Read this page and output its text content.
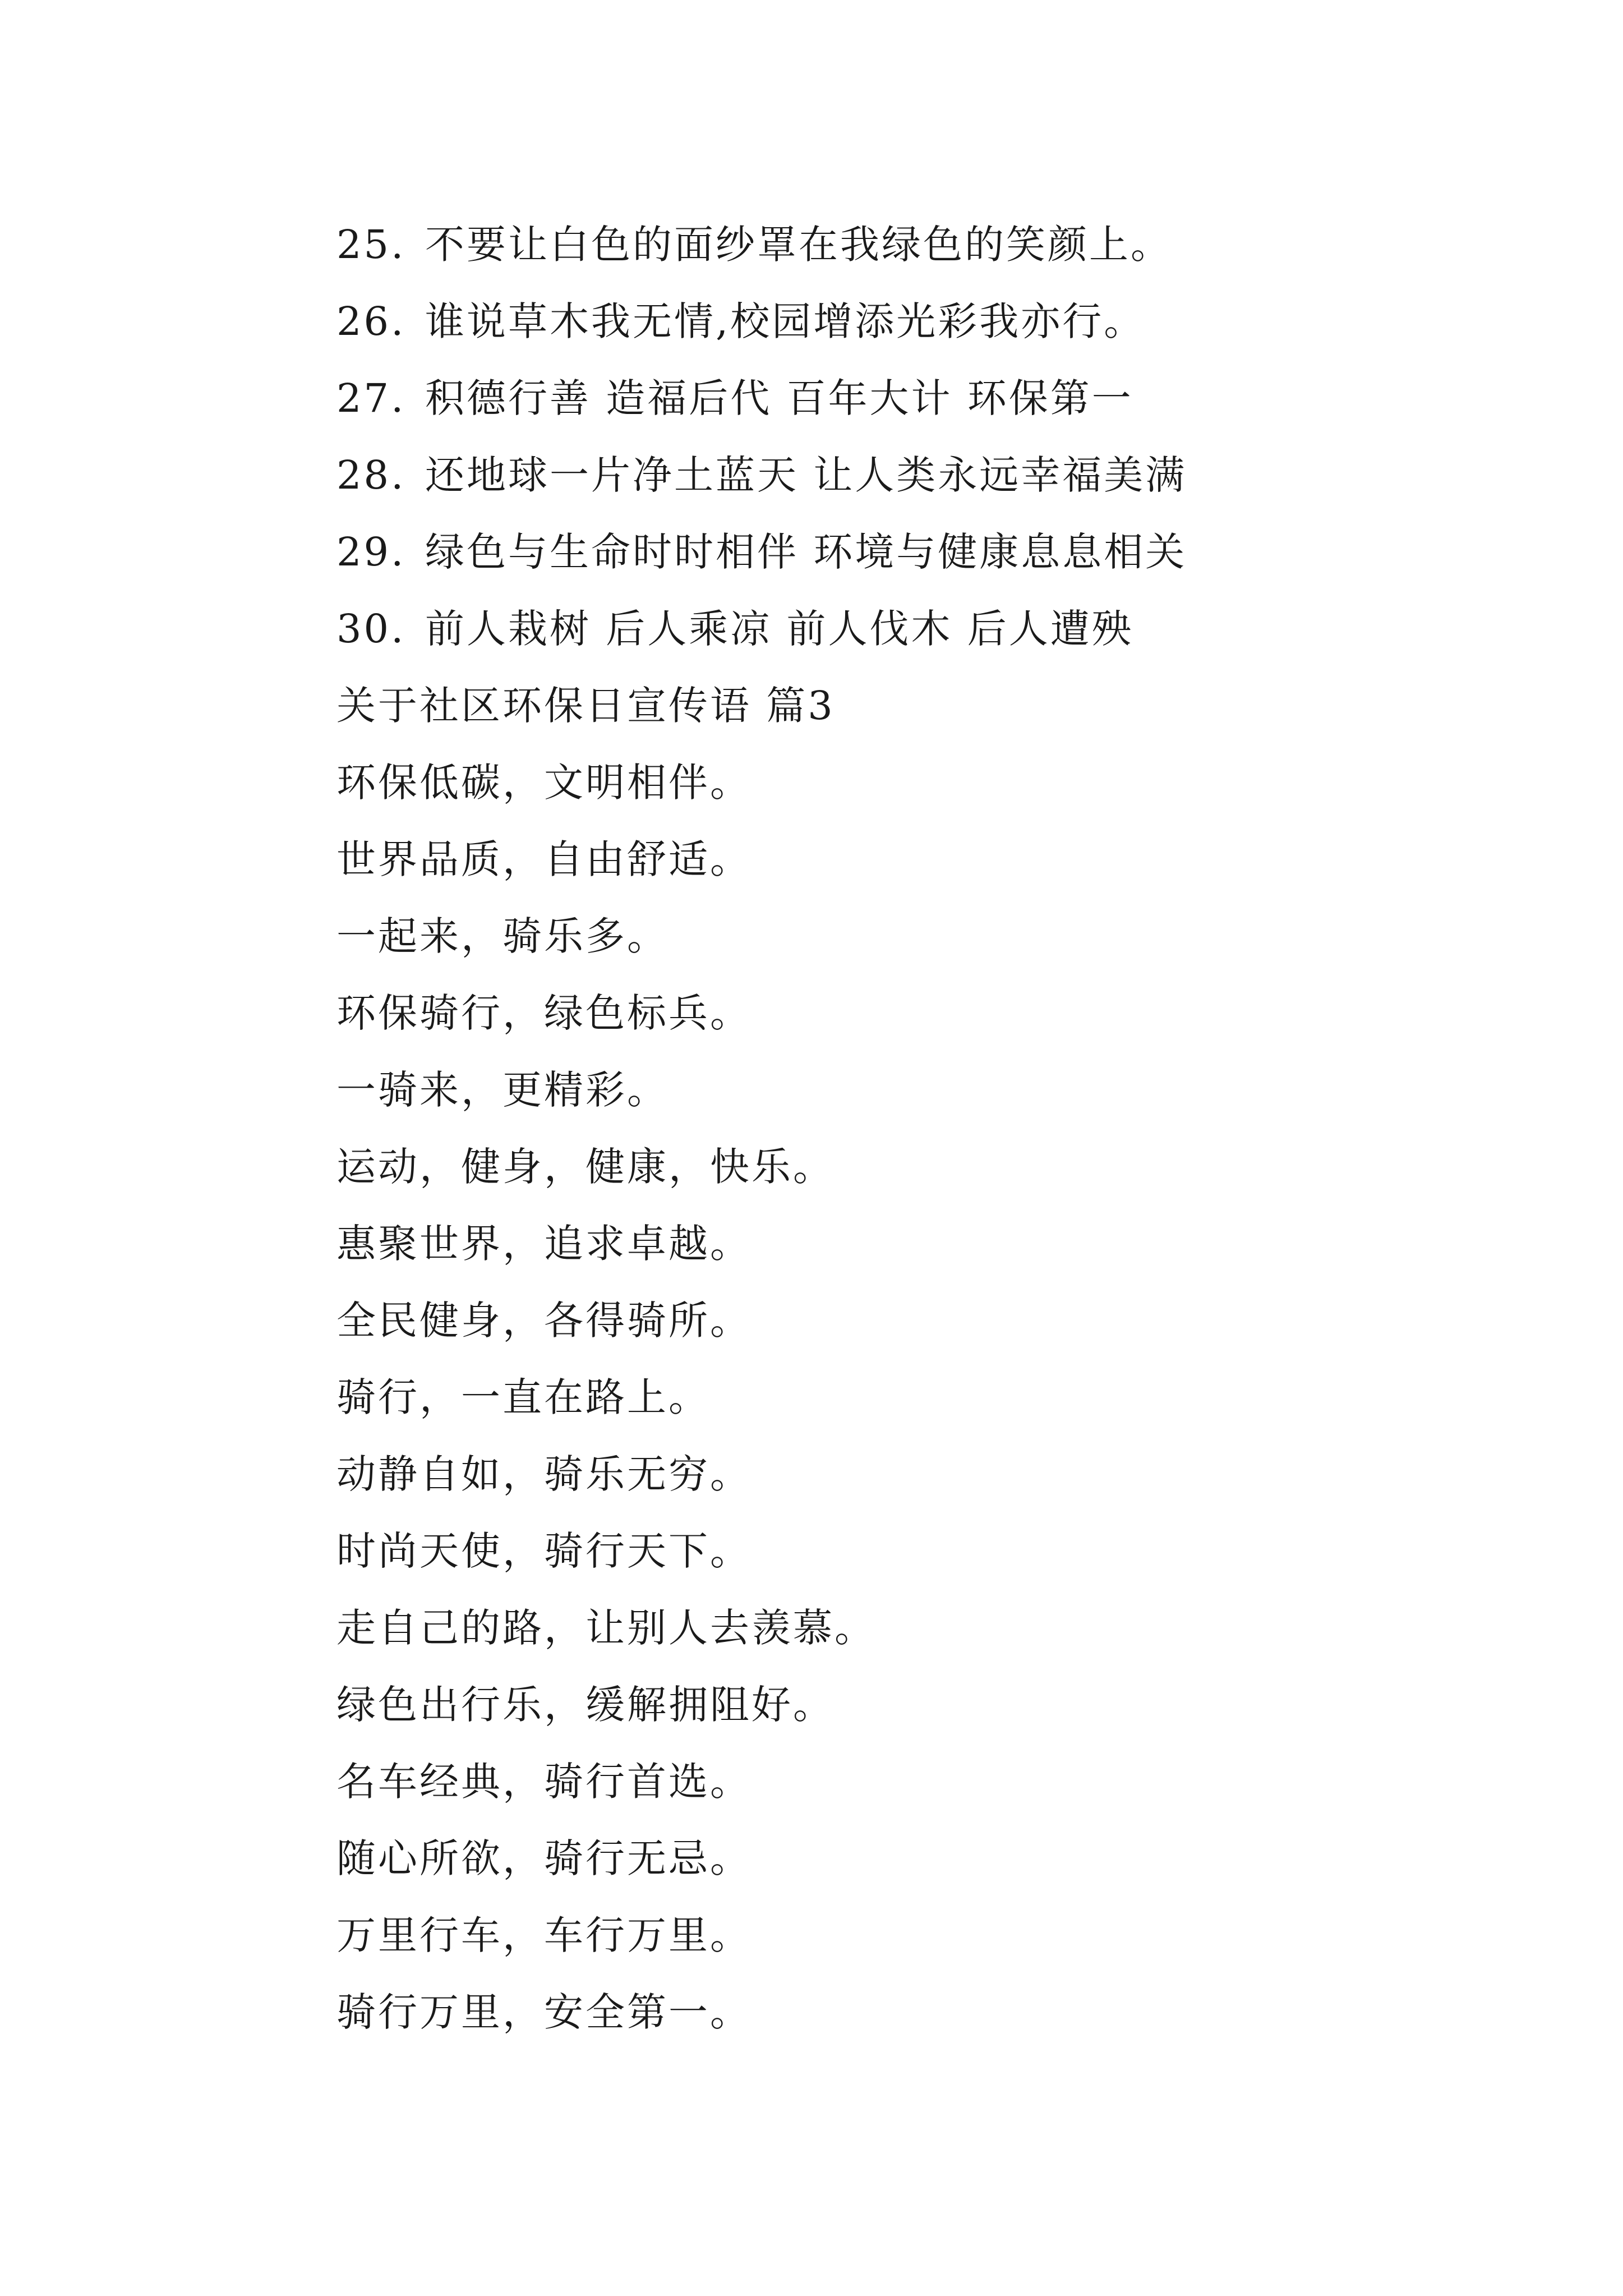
25. 不要让白色的面纱罩在我绿色的笑颜上。
26. 谁说草木我无情,校园增添光彩我亦行。
27. 积德行善 造福后代 百年大计 环保第一
28. 还地球一片净土蓝天 让人类永远幸福美满
29. 绿色与生命时时相伴 环境与健康息息相关
30. 前人栽树 后人乘凉 前人伐木 后人遭殃
关于社区环保日宣传语 篇3
环保低碳，文明相伴。
世界品质，自由舒适。
一起来，骑乐多。
环保骑行，绿色标兵。
一骑来，更精彩。
运动，健身，健康，快乐。
惠聚世界，追求卓越。
全民健身，各得骑所。
骑行，一直在路上。
动静自如，骑乐无穷。
时尚天使，骑行天下。
走自己的路，让别人去羡慕。
绿色出行乐，缓解拥阻好。
名车经典，骑行首选。
随心所欲，骑行无忌。
万里行车，车行万里。
骑行万里，安全第一。
